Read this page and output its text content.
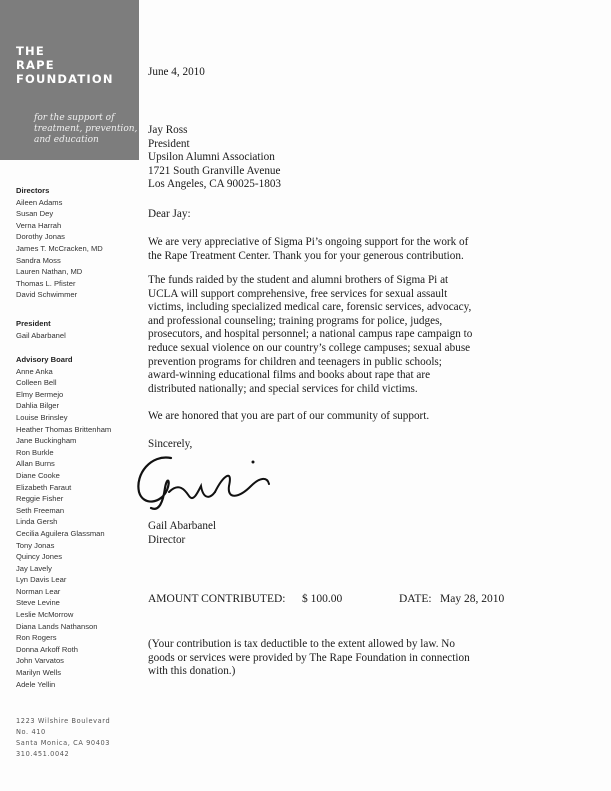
THE
RAPE
FOUNDATION
for the support of
treatment, prevention,
and education
Directors
Aileen Adams
Susan Dey
Verna Harrah
Dorothy Jonas
James T. McCracken, MD
Sandra Moss
Lauren Nathan, MD
Thomas L. Pfister
David Schwimmer
President
Gail Abarbanel
Advisory Board
Anne Anka
Colleen Bell
Elmy Bermejo
Dahlia Bilger
Louise Brinsley
Heather Thomas Brittenham
Jane Buckingham
Ron Burkle
Allan Burns
Diane Cooke
Elizabeth Faraut
Reggie Fisher
Seth Freeman
Linda Gersh
Cecilia Aguilera Glassman
Tony Jonas
Quincy Jones
Jay Lavely
Lyn Davis Lear
Norman Lear
Steve Levine
Leslie McMorrow
Diana Lands Nathanson
Ron Rogers
Donna Arkoff Roth
John Varvatos
Marilyn Wells
Adele Yellin
1223 Wilshire Boulevard
No. 410
Santa Monica, CA 90403
310.451.0042
June 4, 2010
Jay Ross
President
Upsilon Alumni Association
1721 South Granville Avenue
Los Angeles, CA 90025-1803
Dear Jay:
We are very appreciative of Sigma Pi’s ongoing support for the work of
the Rape Treatment Center. Thank you for your generous contribution.
The funds raided by the student and alumni brothers of Sigma Pi at
UCLA will support comprehensive, free services for sexual assault
victims, including specialized medical care, forensic services, advocacy,
and professional counseling; training programs for police, judges,
prosecutors, and hospital personnel; a national campus rape campaign to
reduce sexual violence on our country’s college campuses; sexual abuse
prevention programs for children and teenagers in public schools;
award-winning educational films and books about rape that are
distributed nationally; and special services for child victims.
We are honored that you are part of our community of support.
Sincerely,
Gail Abarbanel
Director
AMOUNT CONTRIBUTED: $ 100.00	DATE: May 28, 2010
(Your contribution is tax deductible to the extent allowed by law. No
goods or services were provided by The Rape Foundation in connection
with this donation.)
